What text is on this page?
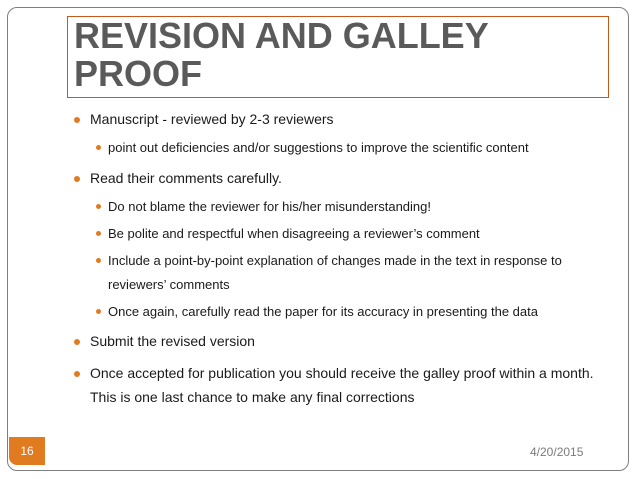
REVISION AND GALLEY
PROOF
Manuscript - reviewed by 2-3 reviewers
point out deficiencies and/or suggestions to improve the scientific content
Read their comments carefully.
Do not blame the reviewer for his/her misunderstanding!
Be polite and respectful when disagreeing a reviewer’s comment
Include a point-by-point explanation of changes made in the text in response to
reviewers’ comments
Once again, carefully read the paper for its accuracy in presenting the data
Submit the revised version
Once accepted for publication you should receive the galley proof within a month.
This is one last chance to make any final corrections
16	4/20/2015
